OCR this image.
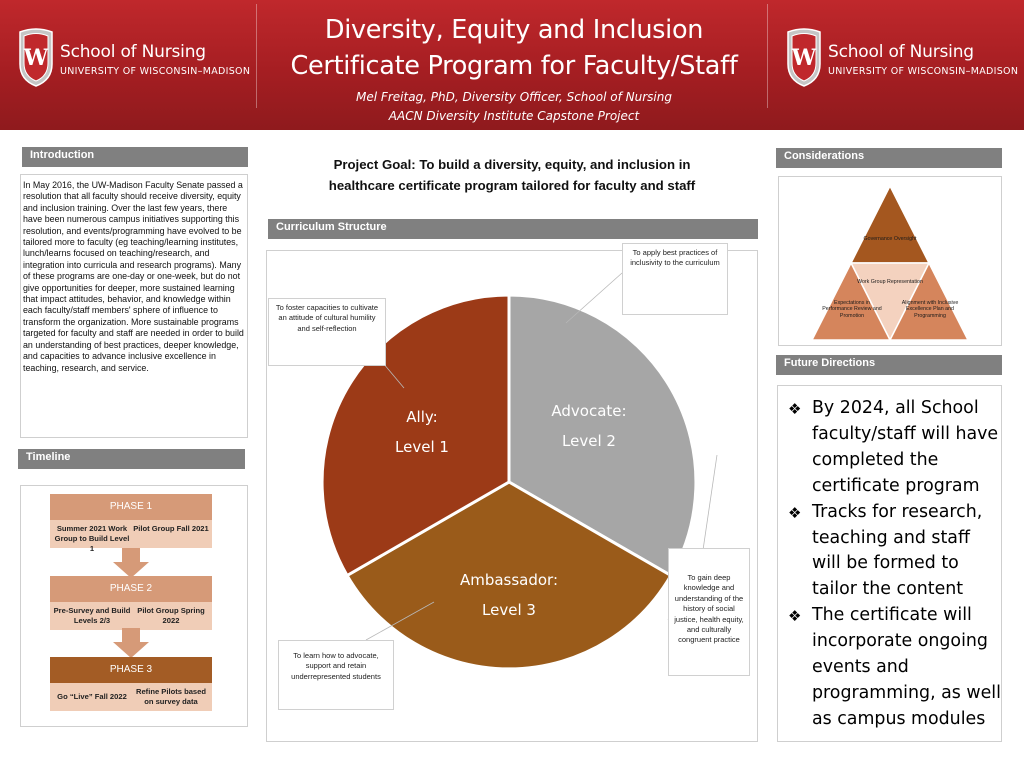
W School of Nursing
UNIVERSITY OF WISCONSIN–MADISON
Diversity, Equity and Inclusion
Certificate Program for Faculty/Staff
Mel Freitag, PhD, Diversity Officer, School of Nursing
AACN Diversity Institute Capstone Project
W School of Nursing
UNIVERSITY OF WISCONSIN–MADISON
Introduction
In May 2016, the UW-Madison Faculty Senate passed a resolution that all faculty should receive diversity, equity and inclusion training. Over the last few years, there have been numerous campus initiatives supporting this resolution, and events/programming have evolved to be tailored more to faculty (eg teaching/learning institutes, lunch/learns focused on teaching/research, and integration into curricula and research programs). Many of these programs are one-day or one-week, but do not give opportunities for deeper, more sustained learning that impact attitudes, behavior, and knowledge within each faculty/staff members' sphere of influence to transform the organization. More sustainable programs targeted for faculty and staff are needed in order to build an understanding of best practices, deeper knowledge, and capacities to advance inclusive excellence in teaching, research, and service.
Timeline
PHASE 1
Summer 2021 Work Group to Build Level 1
Pilot Group Fall 2021
PHASE 2
Pre-Survey and Build Levels 2/3
Pilot Group Spring 2022
PHASE 3
Go “Live” Fall 2022
Refine Pilots based on survey data
Project Goal: To build a diversity, equity, and inclusion in
healthcare certificate program tailored for faculty and staff
Curriculum Structure
Ally:
Level 1
Advocate:
Level 2
Ambassador:
Level 3
To foster capacities to cultivate an attitude of cultural humility and self-reflection
To apply best practices of inclusivity to the curriculum
To gain deep knowledge and understanding of the history of social justice, health equity, and culturally congruent practice
To learn how to advocate, support and retain underrepresented students
Considerations
Governance Oversight
Work Group Representation
Expectations in Performance Review and Promotion
Alignment with Inclusive Excellence Plan and Programming
Future Directions
❖ By 2024, all School faculty/staff will have completed the certificate program
❖ Tracks for research, teaching and staff will be formed to tailor the content
❖ The certificate will incorporate ongoing events and programming, as well as campus modules
